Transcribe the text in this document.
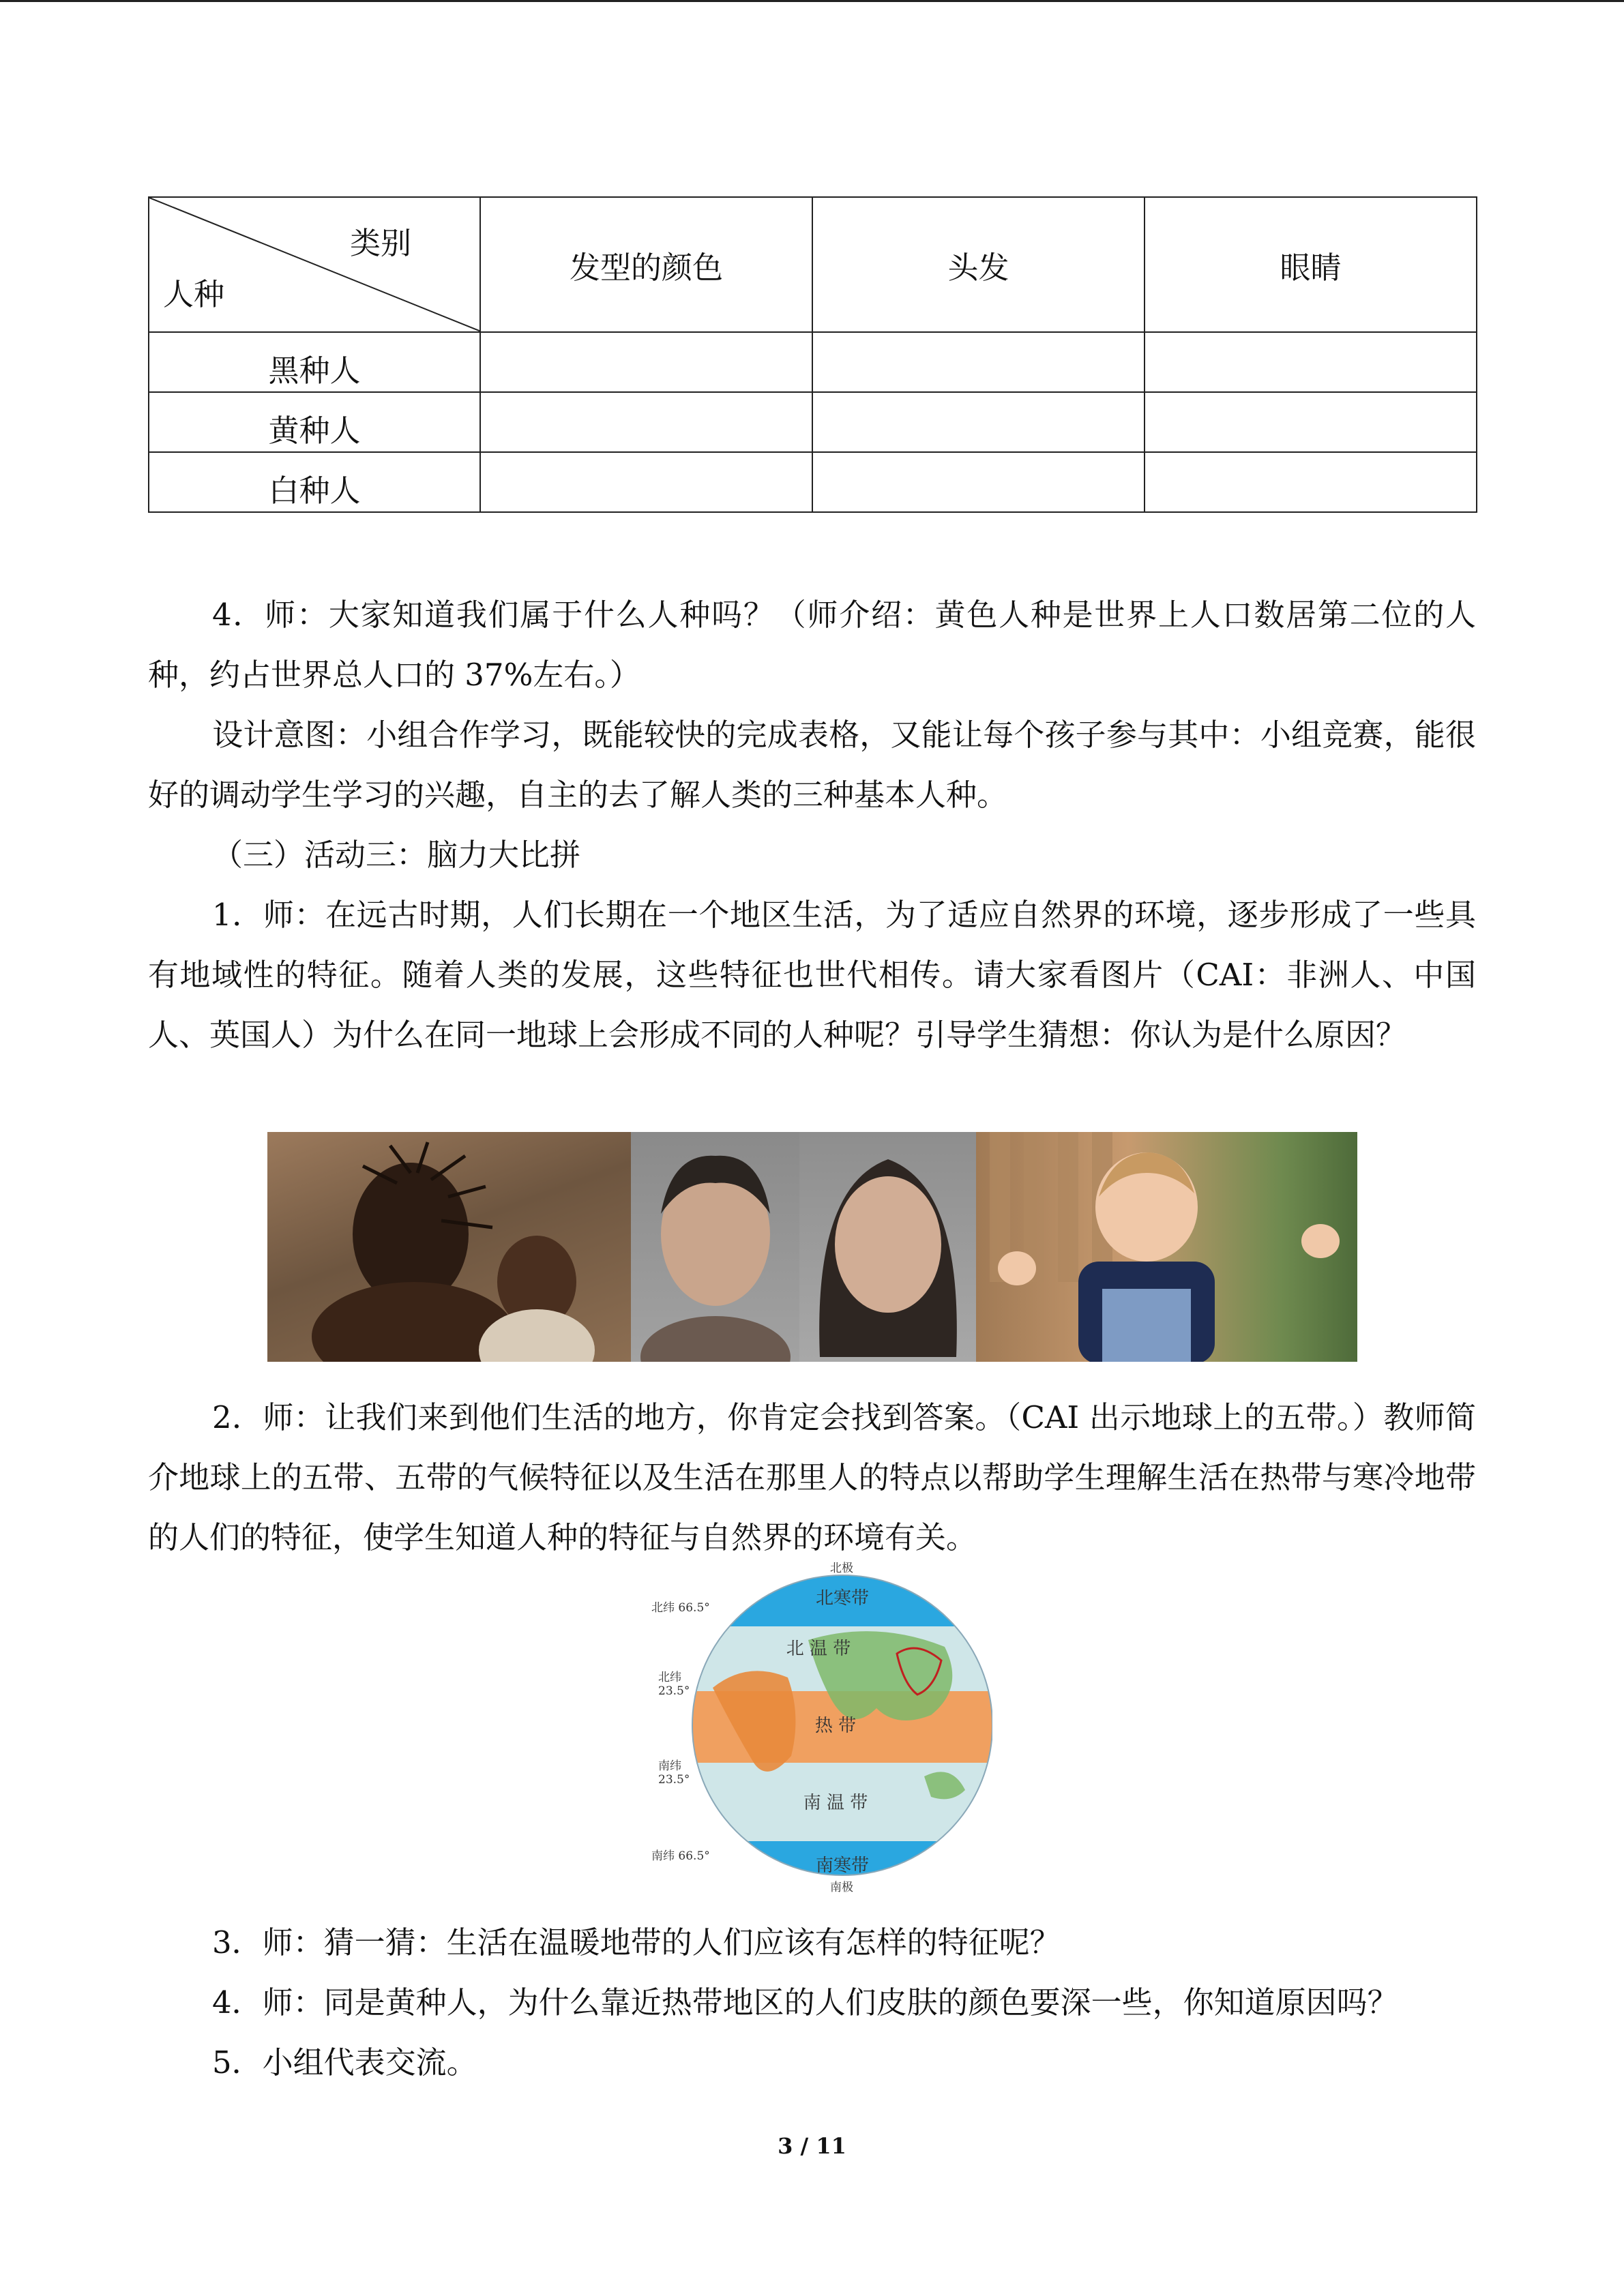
类别
人种	发型的颜色	头发	眼睛
黑种人			
黄种人			
白种人			

4．师：大家知道我们属于什么人种吗？（师介绍：黄色人种是世界上人口数居第二位的人种，约占世界总人口的 37%左右。）

设计意图：小组合作学习，既能较快的完成表格，又能让每个孩子参与其中：小组竞赛，能很好的调动学生学习的兴趣，自主的去了解人类的三种基本人种。

（三）活动三：脑力大比拼

1．师：在远古时期，人们长期在一个地区生活，为了适应自然界的环境，逐步形成了一些具有地域性的特征。随着人类的发展，这些特征也世代相传。请大家看图片（CAI：非洲人、中国人、英国人）为什么在同一地球上会形成不同的人种呢？引导学生猜想：你认为是什么原因？

2．师：让我们来到他们生活的地方，你肯定会找到答案。（CAI 出示地球上的五带。）教师简介地球上的五带、五带的气候特征以及生活在那里人的特点以帮助学生理解生活在热带与寒冷地带的人们的特征，使学生知道人种的特征与自然界的环境有关。

北极
南极
北纬 66.5°
北纬 23.5°
南纬 23.5°
南纬 66.5°
北寒带
北 温 带
热 带
南 温 带
南寒带

3．师：猜一猜：生活在温暖地带的人们应该有怎样的特征呢？

4．师：同是黄种人，为什么靠近热带地区的人们皮肤的颜色要深一些，你知道原因吗？

5．小组代表交流。

3 / 11
